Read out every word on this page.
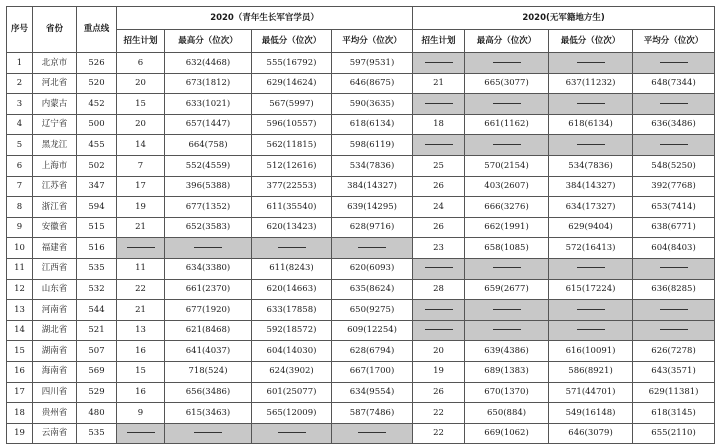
序号	省份	重点线	2020（青年生长军官学员）				2020(无军籍地方生)			
			招生计划	最高分（位次）	最低分（位次）	平均分（位次）	招生计划	最高分（位次）	最低分（位次）	平均分（位次）
1	北京市	526	6	632(4468)	555(16792)	597(9531)				
2	河北省	520	20	673(1812)	629(14624)	646(8675)	21	665(3077)	637(11232)	648(7344)
3	内蒙古	452	15	633(1021)	567(5997)	590(3635)				
4	辽宁省	500	20	657(1447)	596(10557)	618(6134)	18	661(1162)	618(6134)	636(3486)
5	黑龙江	455	14	664(758)	562(11815)	598(6119)				
6	上海市	502	7	552(4559)	512(12616)	534(7836)	25	570(2154)	534(7836)	548(5250)
7	江苏省	347	17	396(5388)	377(22553)	384(14327)	26	403(2607)	384(14327)	392(7768)
8	浙江省	594	19	677(1352)	611(35540)	639(14295)	24	666(3276)	634(17327)	653(7414)
9	安徽省	515	21	652(3583)	620(13423)	628(9716)	26	662(1991)	629(9404)	638(6771)
10	福建省	516					23	658(1085)	572(16413)	604(8403)
11	江西省	535	11	634(3380)	611(8243)	620(6093)				
12	山东省	532	22	661(2370)	620(14663)	635(8624)	28	659(2677)	615(17224)	636(8285)
13	河南省	544	21	677(1920)	633(17858)	650(9275)				
14	湖北省	521	13	621(8468)	592(18572)	609(12254)				
15	湖南省	507	16	641(4037)	604(14030)	628(6794)	20	639(4386)	616(10091)	626(7278)
16	海南省	569	15	718(524)	624(3902)	667(1700)	19	689(1383)	586(8921)	643(3571)
17	四川省	529	16	656(3486)	601(25077)	634(9554)	26	670(1370)	571(44701)	629(11381)
18	贵州省	480	9	615(3463)	565(12009)	587(7486)	22	650(884)	549(16148)	618(3145)
19	云南省	535					22	669(1062)	646(3079)	655(2110)
